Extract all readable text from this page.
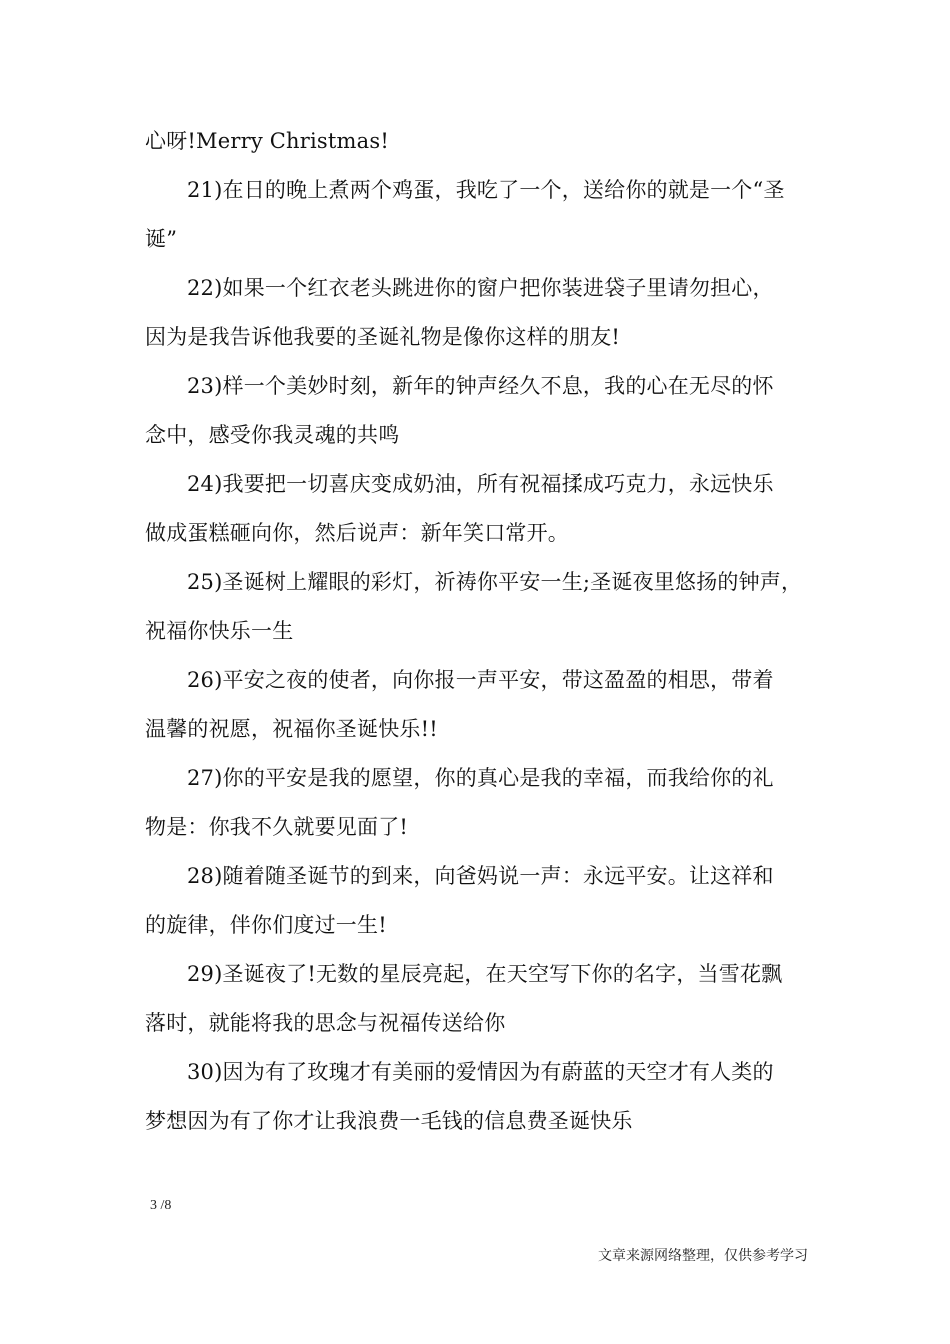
心呀!Merry Christmas!
21)在日的晚上煮两个鸡蛋，我吃了一个，送给你的就是一个“圣
诞”
22)如果一个红衣老头跳进你的窗户把你装进袋子里请勿担心，
因为是我告诉他我要的圣诞礼物是像你这样的朋友!
23)样一个美妙时刻，新年的钟声经久不息，我的心在无尽的怀
念中，感受你我灵魂的共鸣
24)我要把一切喜庆变成奶油，所有祝福揉成巧克力，永远快乐
做成蛋糕砸向你，然后说声：新年笑口常开。
25)圣诞树上耀眼的彩灯，祈祷你平安一生;圣诞夜里悠扬的钟声，
祝福你快乐一生
26)平安之夜的使者，向你报一声平安，带这盈盈的相思，带着
温馨的祝愿，祝福你圣诞快乐!!
27)你的平安是我的愿望，你的真心是我的幸福，而我给你的礼
物是：你我不久就要见面了!
28)随着随圣诞节的到来，向爸妈说一声：永远平安。让这祥和
的旋律，伴你们度过一生!
29)圣诞夜了!无数的星辰亮起，在天空写下你的名字，当雪花飘
落时，就能将我的思念与祝福传送给你
30)因为有了玫瑰才有美丽的爱情因为有蔚蓝的天空才有人类的
梦想因为有了你才让我浪费一毛钱的信息费圣诞快乐
3 /8
文章来源网络整理，仅供参考学习
